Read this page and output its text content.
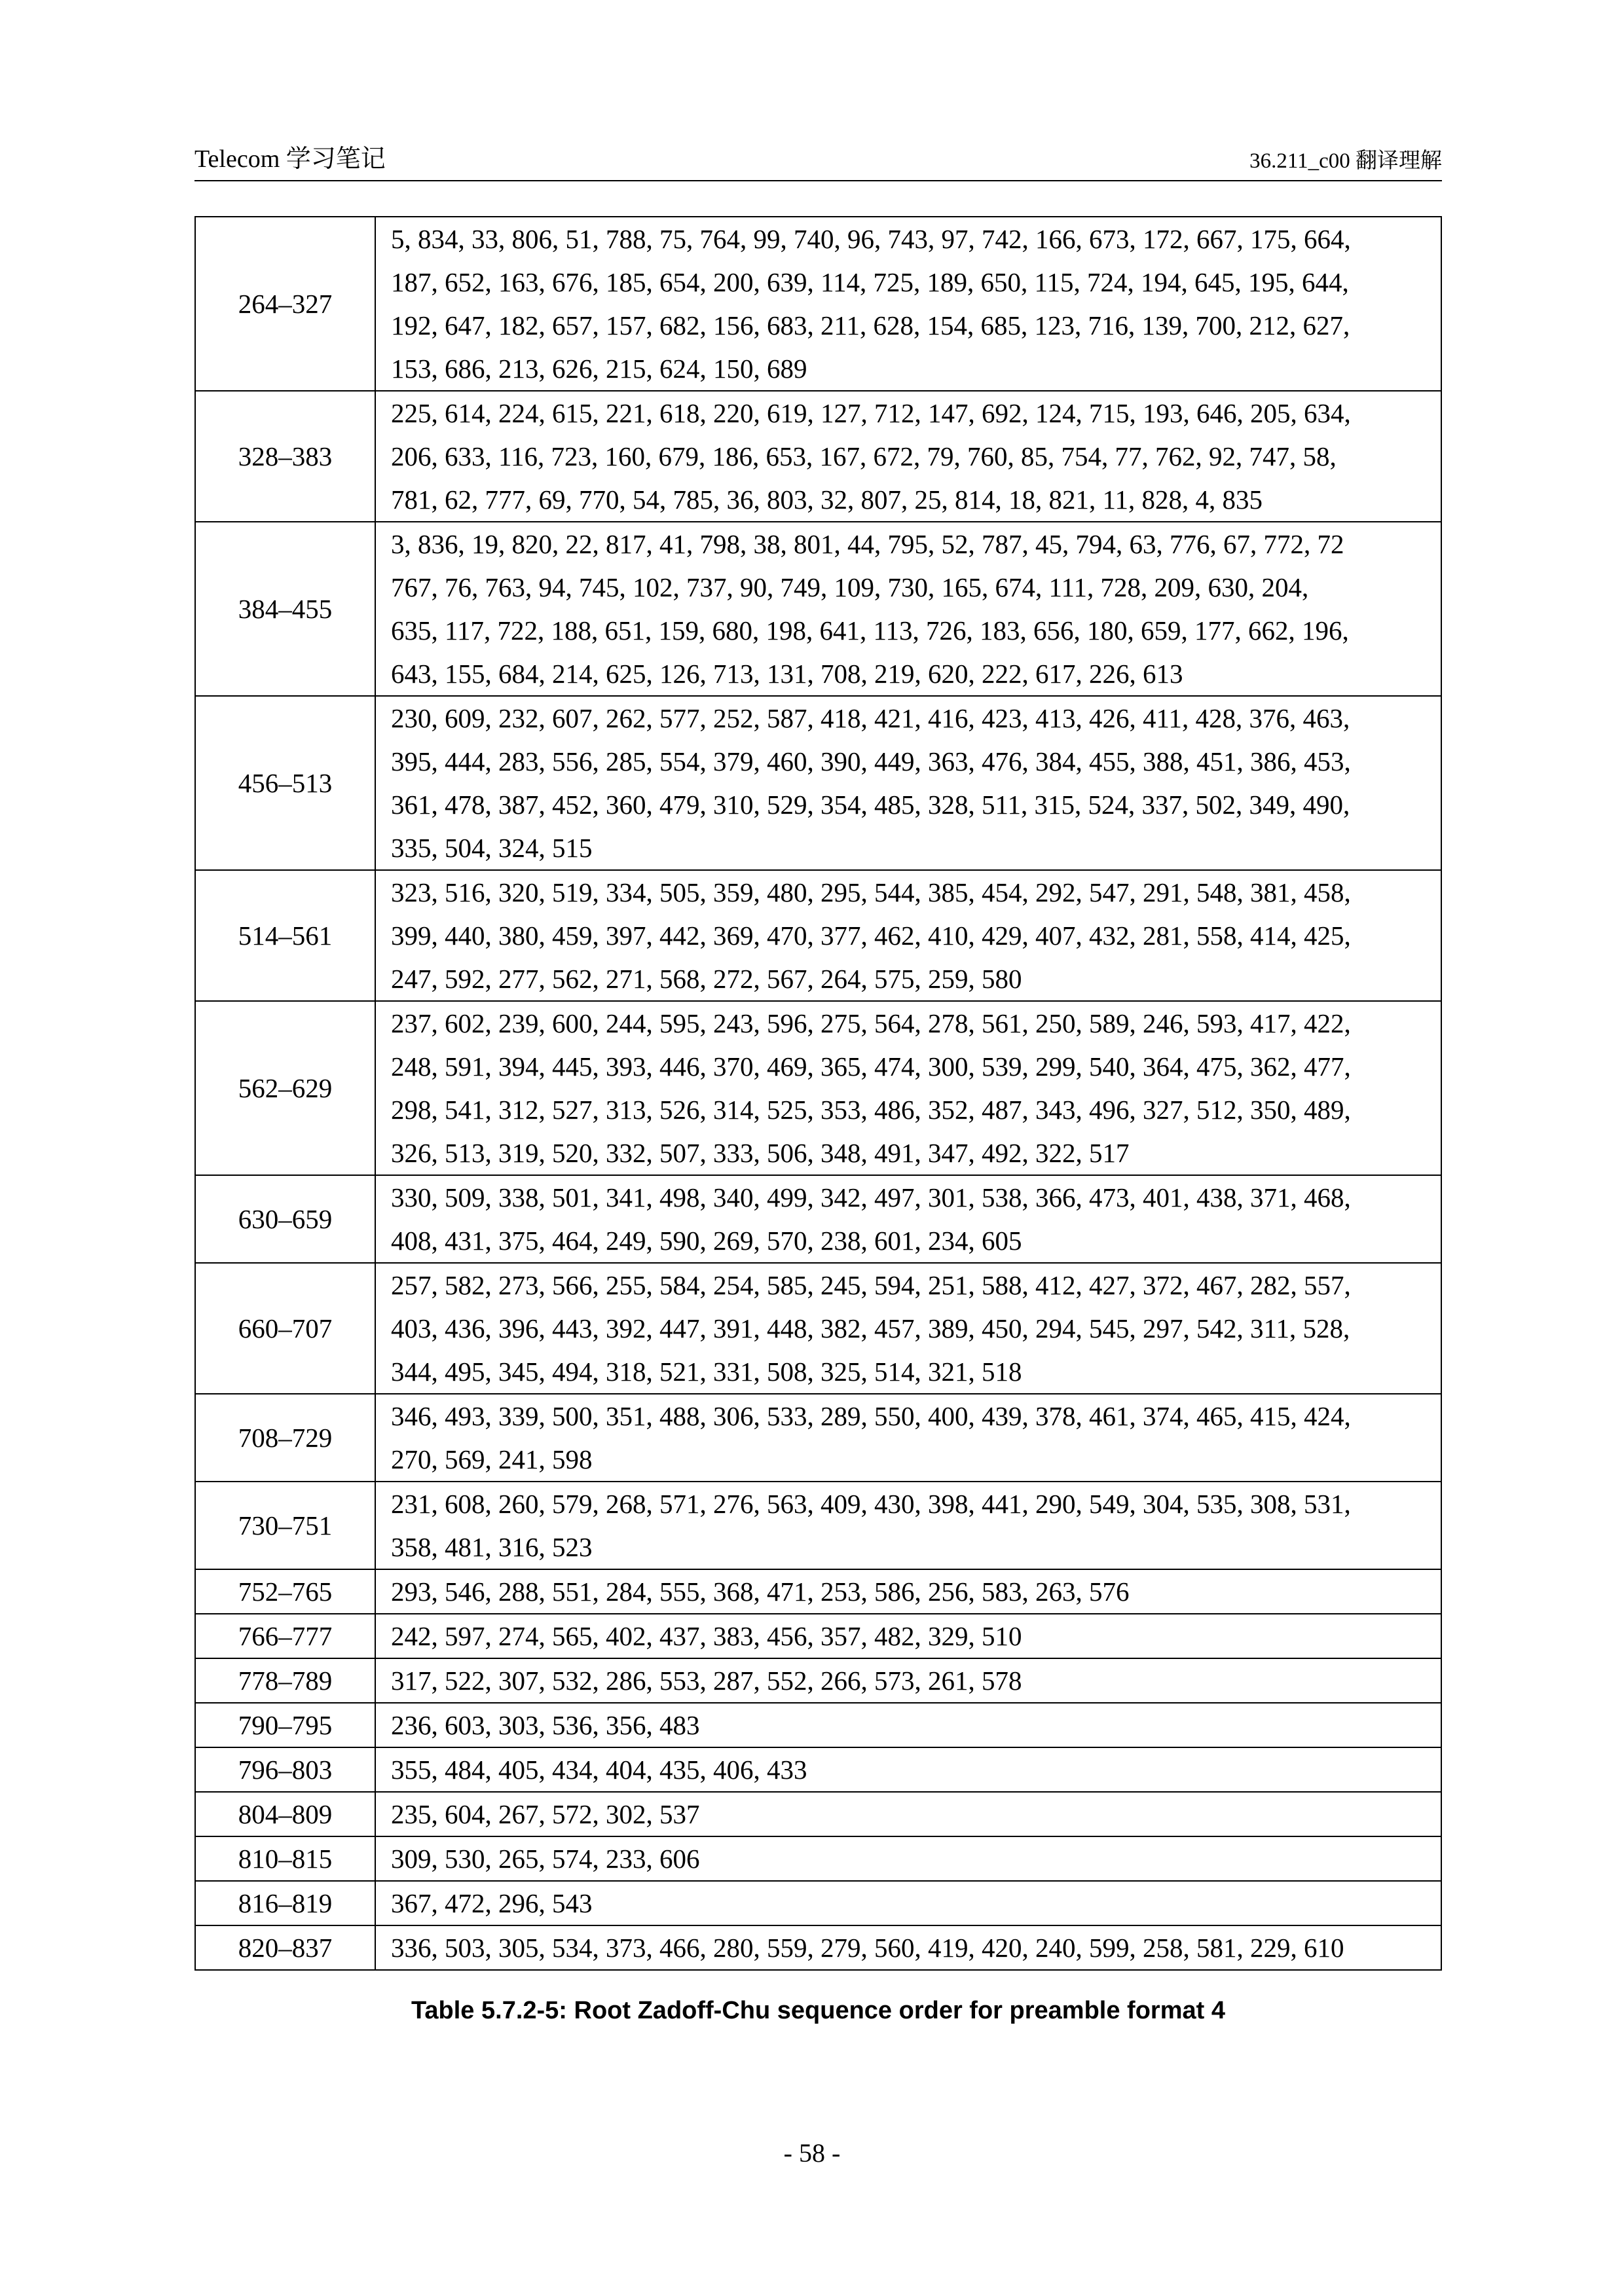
Telecom 学习笔记	36.211_c00 翻译理解
264–327	5, 834, 33, 806, 51, 788, 75, 764, 99, 740, 96, 743, 97, 742, 166, 673, 172, 667, 175, 664,
187, 652, 163, 676, 185, 654, 200, 639, 114, 725, 189, 650, 115, 724, 194, 645, 195, 644,
192, 647, 182, 657, 157, 682, 156, 683, 211, 628, 154, 685, 123, 716, 139, 700, 212, 627,
153, 686, 213, 626, 215, 624, 150, 689

328–383	225, 614, 224, 615, 221, 618, 220, 619, 127, 712, 147, 692, 124, 715, 193, 646, 205, 634,
206, 633, 116, 723, 160, 679, 186, 653, 167, 672, 79, 760, 85, 754, 77, 762, 92, 747, 58,
781, 62, 777, 69, 770, 54, 785, 36, 803, 32, 807, 25, 814, 18, 821, 11, 828, 4, 835

384–455	3, 836, 19, 820, 22, 817, 41, 798, 38, 801, 44, 795, 52, 787, 45, 794, 63, 776, 67, 772, 72
767, 76, 763, 94, 745, 102, 737, 90, 749, 109, 730, 165, 674, 111, 728, 209, 630, 204,
635, 117, 722, 188, 651, 159, 680, 198, 641, 113, 726, 183, 656, 180, 659, 177, 662, 196,
643, 155, 684, 214, 625, 126, 713, 131, 708, 219, 620, 222, 617, 226, 613

456–513	230, 609, 232, 607, 262, 577, 252, 587, 418, 421, 416, 423, 413, 426, 411, 428, 376, 463,
395, 444, 283, 556, 285, 554, 379, 460, 390, 449, 363, 476, 384, 455, 388, 451, 386, 453,
361, 478, 387, 452, 360, 479, 310, 529, 354, 485, 328, 511, 315, 524, 337, 502, 349, 490,
335, 504, 324, 515

514–561	323, 516, 320, 519, 334, 505, 359, 480, 295, 544, 385, 454, 292, 547, 291, 548, 381, 458,
399, 440, 380, 459, 397, 442, 369, 470, 377, 462, 410, 429, 407, 432, 281, 558, 414, 425,
247, 592, 277, 562, 271, 568, 272, 567, 264, 575, 259, 580

562–629	237, 602, 239, 600, 244, 595, 243, 596, 275, 564, 278, 561, 250, 589, 246, 593, 417, 422,
248, 591, 394, 445, 393, 446, 370, 469, 365, 474, 300, 539, 299, 540, 364, 475, 362, 477,
298, 541, 312, 527, 313, 526, 314, 525, 353, 486, 352, 487, 343, 496, 327, 512, 350, 489,
326, 513, 319, 520, 332, 507, 333, 506, 348, 491, 347, 492, 322, 517

630–659	330, 509, 338, 501, 341, 498, 340, 499, 342, 497, 301, 538, 366, 473, 401, 438, 371, 468,
408, 431, 375, 464, 249, 590, 269, 570, 238, 601, 234, 605

660–707	257, 582, 273, 566, 255, 584, 254, 585, 245, 594, 251, 588, 412, 427, 372, 467, 282, 557,
403, 436, 396, 443, 392, 447, 391, 448, 382, 457, 389, 450, 294, 545, 297, 542, 311, 528,
344, 495, 345, 494, 318, 521, 331, 508, 325, 514, 321, 518

708–729	346, 493, 339, 500, 351, 488, 306, 533, 289, 550, 400, 439, 378, 461, 374, 465, 415, 424,
270, 569, 241, 598

730–751	231, 608, 260, 579, 268, 571, 276, 563, 409, 430, 398, 441, 290, 549, 304, 535, 308, 531,
358, 481, 316, 523

752–765	293, 546, 288, 551, 284, 555, 368, 471, 253, 586, 256, 583, 263, 576

766–777	242, 597, 274, 565, 402, 437, 383, 456, 357, 482, 329, 510

778–789	317, 522, 307, 532, 286, 553, 287, 552, 266, 573, 261, 578

790–795	236, 603, 303, 536, 356, 483

796–803	355, 484, 405, 434, 404, 435, 406, 433

804–809	235, 604, 267, 572, 302, 537

810–815	309, 530, 265, 574, 233, 606

816–819	367, 472, 296, 543

820–837	336, 503, 305, 534, 373, 466, 280, 559, 279, 560, 419, 420, 240, 599, 258, 581, 229, 610
Table 5.7.2-5: Root Zadoff-Chu sequence order for preamble format 4
- 58 -
